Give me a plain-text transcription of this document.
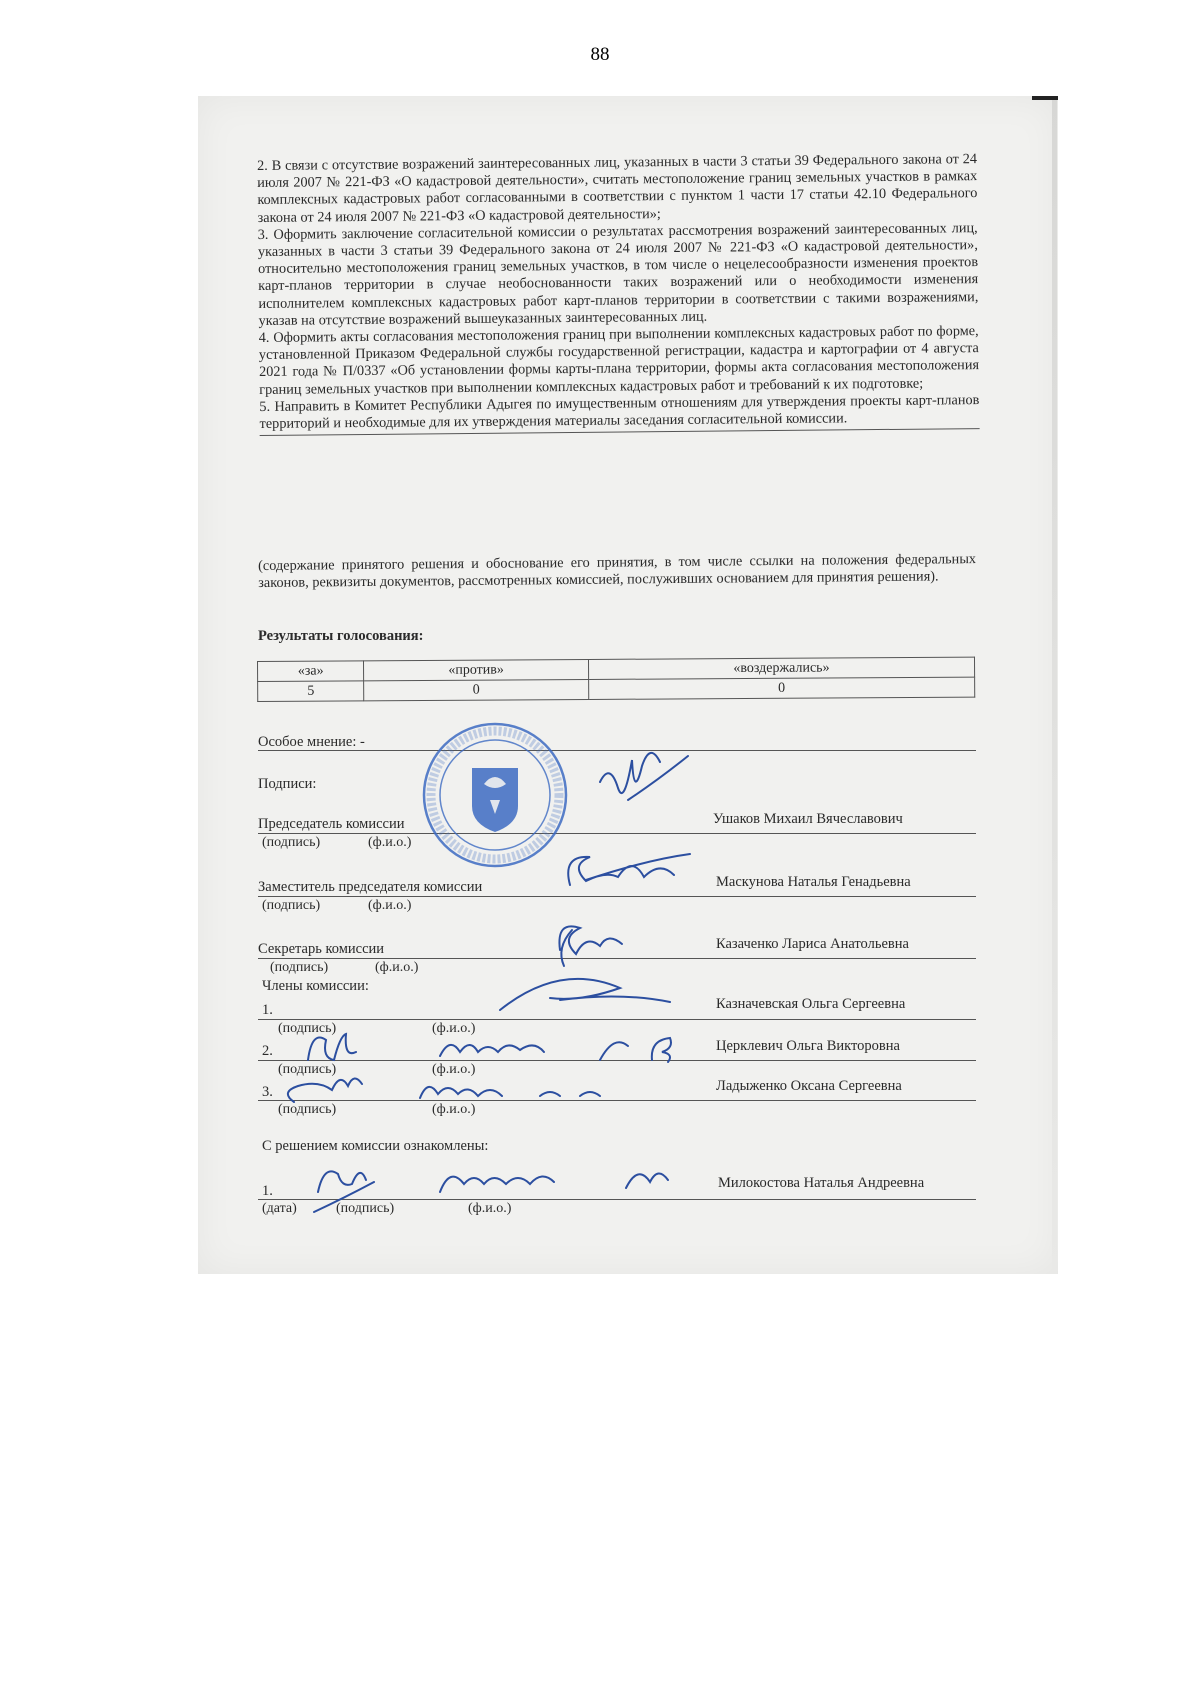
88

2. В связи с отсутствие возражений заинтересованных лиц, указанных в части 3 статьи 39 Федерального закона от 24 июля 2007 № 221-ФЗ «О кадастровой деятельности», считать местоположение границ земельных участков в рамках комплексных кадастровых работ согласованными в соответствии с пунктом 1 части 17 статьи 42.10 Федерального закона от 24 июля 2007 № 221-ФЗ «О кадастровой деятельности»;

3. Оформить заключение согласительной комиссии о результатах рассмотрения возражений заинтересованных лиц, указанных в части 3 статьи 39 Федерального закона от 24 июля 2007 № 221-ФЗ «О кадастровой деятельности», относительно местоположения границ земельных участков, в том числе о нецелесообразности изменения проектов карт-планов территории в случае необоснованности таких возражений или о необходимости изменения исполнителем комплексных кадастровых работ карт-планов территории в соответствии с такими возражениями, указав на отсутствие возражений вышеуказанных заинтересованных лиц.

4. Оформить акты согласования местоположения границ при выполнении комплексных кадастровых работ по форме, установленной Приказом Федеральной службы государственной регистрации, кадастра и картографии от 4 августа 2021 года № П/0337 «Об установлении формы карты-плана территории, формы акта согласования местоположения границ земельных участков при выполнении комплексных кадастровых работ и требований к их подготовке;

5. Направить в Комитет Республики Адыгея по имущественным отношениям для утверждения проекты карт-планов территорий и необходимые для их утверждения материалы заседания согласительной комиссии.

(содержание принятого решения и обоснование его принятия, в том числе ссылки на положения федеральных законов, реквизиты документов, рассмотренных комиссией, послуживших основанием для принятия решения).
Результаты голосования:
«за»	«против»	«воздержались»
5	0	0
Особое мнение: -
Подписи:
Председатель комиссии	Ушаков Михаил Вячеславович
(подпись)	(ф.и.о.)
Заместитель председателя комиссии	Маскунова Наталья Генадьевна
(подпись)	(ф.и.о.)
Секретарь комиссии	Казаченко Лариса Анатольевна
(подпись)	(ф.и.о.)
Члены комиссии:
1.	Казначевская Ольга Сергеевна
(подпись)	(ф.и.о.)
2.	Церклевич Ольга Викторовна
(подпись)	(ф.и.о.)
3.	Ладыженко Оксана Сергеевна
(подпись)	(ф.и.о.)
С решением комиссии ознакомлены:
1.	Милокостова Наталья Андреевна
(дата)	(подпись)	(ф.и.о.)
